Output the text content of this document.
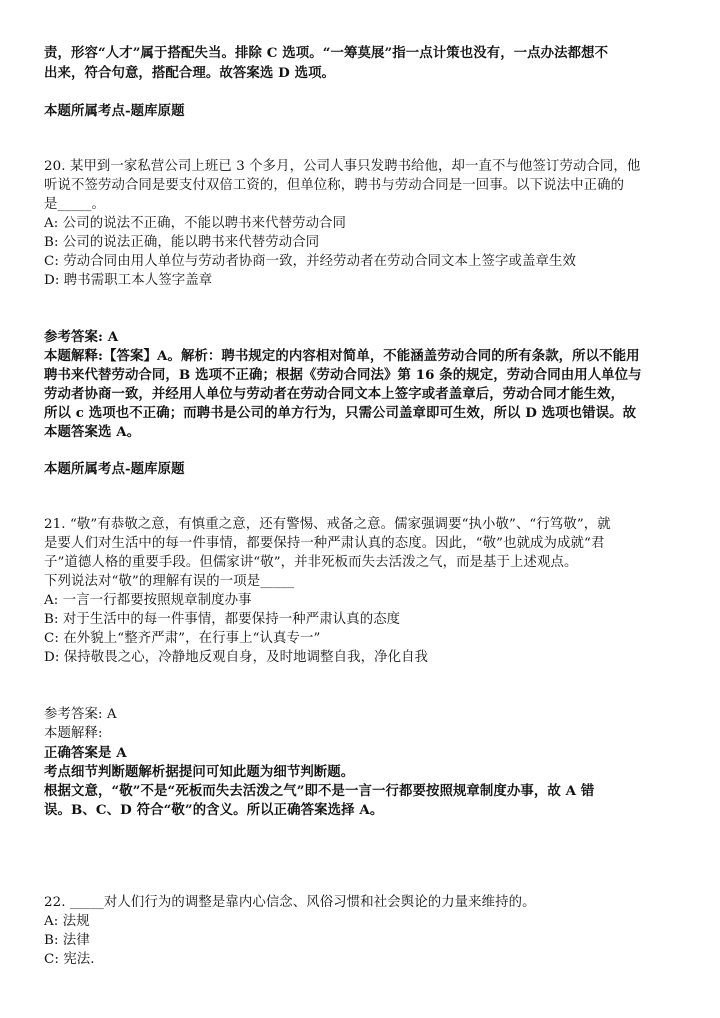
责，形容“人才”属于搭配失当。排除 C 选项。“一筹莫展”指一点计策也没有，一点办法都想不
出来，符合句意，搭配合理。故答案选 D 选项。
本题所属考点-题库原题
20. 某甲到一家私营公司上班已 3 个多月，公司人事只发聘书给他，却一直不与他签订劳动合同，他
听说不签劳动合同是要支付双倍工资的，但单位称，聘书与劳动合同是一回事。以下说法中正确的
是_____。
A: 公司的说法不正确，不能以聘书来代替劳动合同
B: 公司的说法正确，能以聘书来代替劳动合同
C: 劳动合同由用人单位与劳动者协商一致，并经劳动者在劳动合同文本上签字或盖章生效
D: 聘书需职工本人签字盖章
参考答案: A
本题解释:【答案】A。解析：聘书规定的内容相对简单，不能涵盖劳动合同的所有条款，所以不能用
聘书来代替劳动合同，B 选项不正确；根据《劳动合同法》第 16 条的规定，劳动合同由用人单位与
劳动者协商一致，并经用人单位与劳动者在劳动合同文本上签字或者盖章后，劳动合同才能生效，
所以 c 选项也不正确；而聘书是公司的单方行为，只需公司盖章即可生效，所以 D 选项也错误。故
本题答案选 A。
本题所属考点-题库原题
21. “敬”有恭敬之意，有慎重之意，还有警惕、戒备之意。儒家强调要“执小敬”、“行笃敬”，就
是要人们对生活中的每一件事情，都要保持一种严肃认真的态度。因此，“敬”也就成为成就“君
子”道德人格的重要手段。但儒家讲“敬”，并非死板而失去活泼之气，而是基于上述观点。
下列说法对“敬”的理解有误的一项是_____
A: 一言一行都要按照规章制度办事
B: 对于生活中的每一件事情，都要保持一种严肃认真的态度
C: 在外貌上“整齐严肃”，在行事上“认真专一”
D: 保持敬畏之心，冷静地反观自身，及时地调整自我，净化自我
参考答案: A
本题解释:
正确答案是 A
考点细节判断题解析据提问可知此题为细节判断题。
根据文意，“敬”不是“死板而失去活泼之气”即不是一言一行都要按照规章制度办事，故 A 错
误。B、C、D 符合“敬”的含义。所以正确答案选择 A。
22. _____对人们行为的调整是靠内心信念、风俗习惯和社会舆论的力量来维持的。
A: 法规
B: 法律
C: 宪法.
